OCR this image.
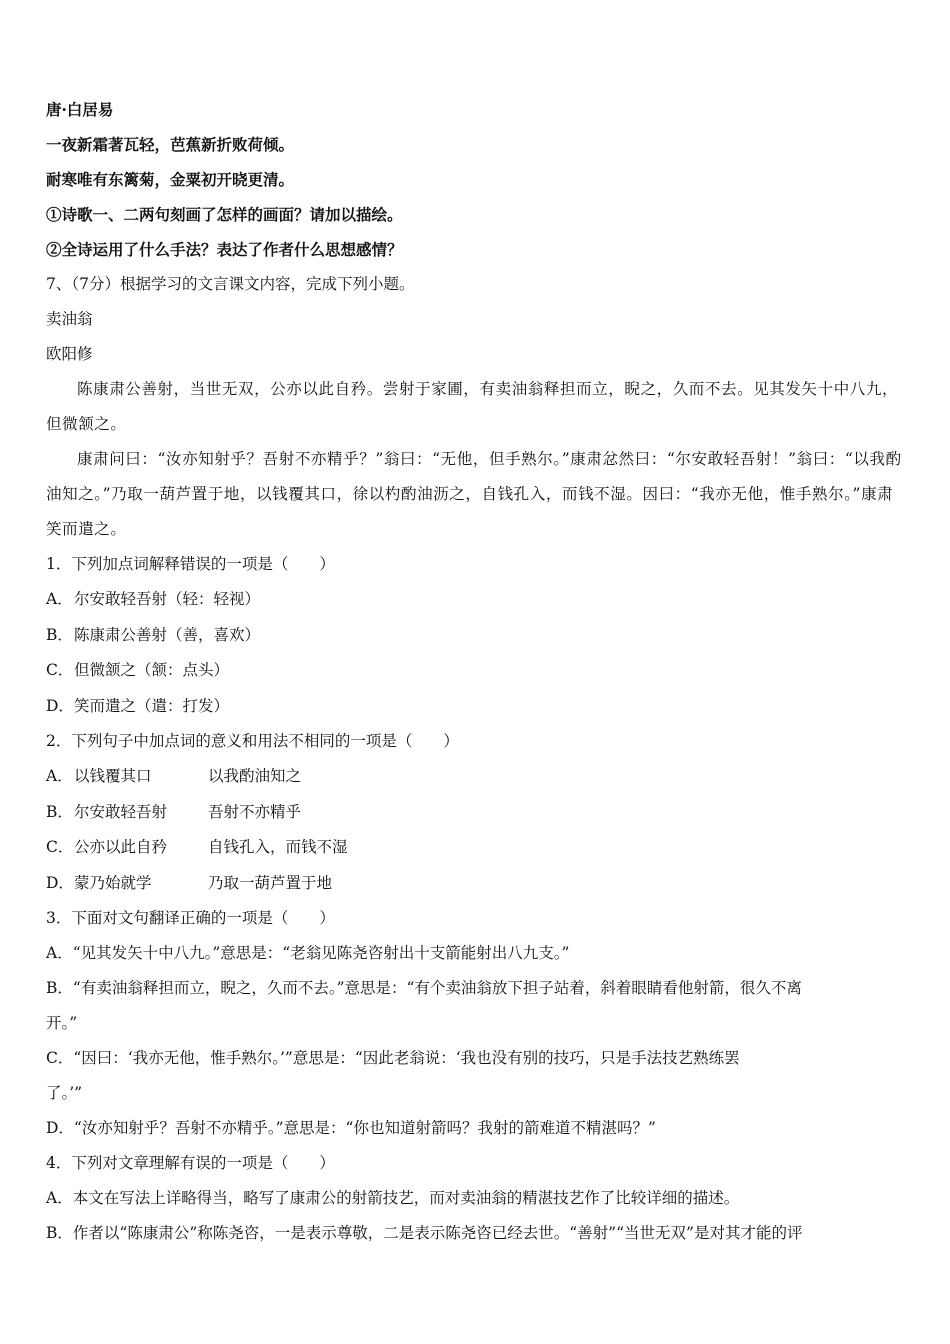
唐·白居易
一夜新霜著瓦轻，芭蕉新折败荷倾。
耐寒唯有东篱菊，金粟初开晓更清。
①诗歌一、二两句刻画了怎样的画面？请加以描绘。
②全诗运用了什么手法？表达了作者什么思想感情？
7、（7分）根据学习的文言课文内容，完成下列小题。
卖油翁
欧阳修
陈康肃公善射，当世无双，公亦以此自矜。尝射于家圃，有卖油翁释担而立，睨之，久而不去。见其发矢十中八九，但微颔之。
康肃问曰：“汝亦知射乎？吾射不亦精乎？”翁曰：“无他，但手熟尔。”康肃忿然曰：“尔安敢轻吾射！”翁曰：“以我酌油知之。”乃取一葫芦置于地，以钱覆其口，徐以杓酌油沥之，自钱孔入，而钱不湿。因曰：“我亦无他，惟手熟尔。”康肃笑而遣之。
1．下列加点词解释错误的一项是（　　）
A． 尔安敢轻吾射（轻：轻视）
B． 陈康肃公善射（善，喜欢）
C． 但微颔之（颔：点头）
D． 笑而遣之（遣：打发）
2．下列句子中加点词的意义和用法不相同的一项是（　　）
A． 以钱覆其口	以我酌油知之
B． 尔安敢轻吾射	吾射不亦精乎
C． 公亦以此自矜	自钱孔入，而钱不湿
D． 蒙乃始就学	乃取一葫芦置于地
3．下面对文句翻译正确的一项是（　　）
A．“见其发矢十中八九。”意思是：“老翁见陈尧咨射出十支箭能射出八九支。”
B．“有卖油翁释担而立，睨之，久而不去。”意思是：“有个卖油翁放下担子站着，斜着眼睛看他射箭，很久不离
开。”
C．“因曰：‘我亦无他，惟手熟尔。’”意思是：“因此老翁说：‘我也没有别的技巧，只是手法技艺熟练罢
了。’”
D．“汝亦知射乎？吾射不亦精乎。”意思是：“你也知道射箭吗？我射的箭难道不精湛吗？”
4．下列对文章理解有误的一项是（　　）
A．本文在写法上详略得当，略写了康肃公的射箭技艺，而对卖油翁的精湛技艺作了比较详细的描述。
B．作者以“陈康肃公”称陈尧咨，一是表示尊敬，二是表示陈尧咨已经去世。“善射”“当世无双”是对其才能的评
